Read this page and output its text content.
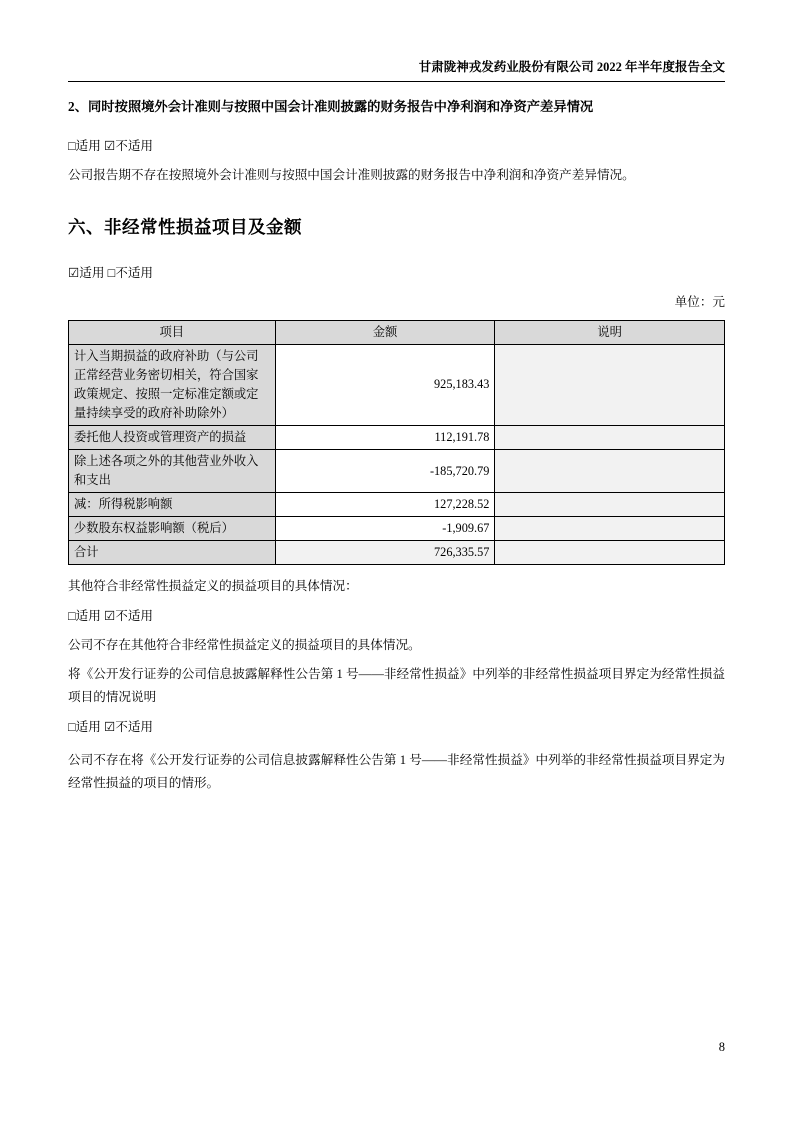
甘肃陇神戎发药业股份有限公司 2022 年半年度报告全文
2、同时按照境外会计准则与按照中国会计准则披露的财务报告中净利润和净资产差异情况
□适用 ☑不适用
公司报告期不存在按照境外会计准则与按照中国会计准则披露的财务报告中净利润和净资产差异情况。
六、非经常性损益项目及金额
☑适用 □不适用
单位：元
项目	金额	说明
计入当期损益的政府补助（与公司正常经营业务密切相关，符合国家政策规定、按照一定标准定额或定量持续享受的政府补助除外）	925,183.43	
委托他人投资或管理资产的损益	112,191.78	
除上述各项之外的其他营业外收入和支出	-185,720.79	
减：所得税影响额	127,228.52	
少数股东权益影响额（税后）	-1,909.67	
合计	726,335.57	
其他符合非经常性损益定义的损益项目的具体情况：
□适用 ☑不适用
公司不存在其他符合非经常性损益定义的损益项目的具体情况。
将《公开发行证券的公司信息披露解释性公告第 1 号——非经常性损益》中列举的非经常性损益项目界定为经常性损益项目的情况说明
□适用 ☑不适用
公司不存在将《公开发行证券的公司信息披露解释性公告第 1 号——非经常性损益》中列举的非经常性损益项目界定为经常性损益的项目的情形。
8
